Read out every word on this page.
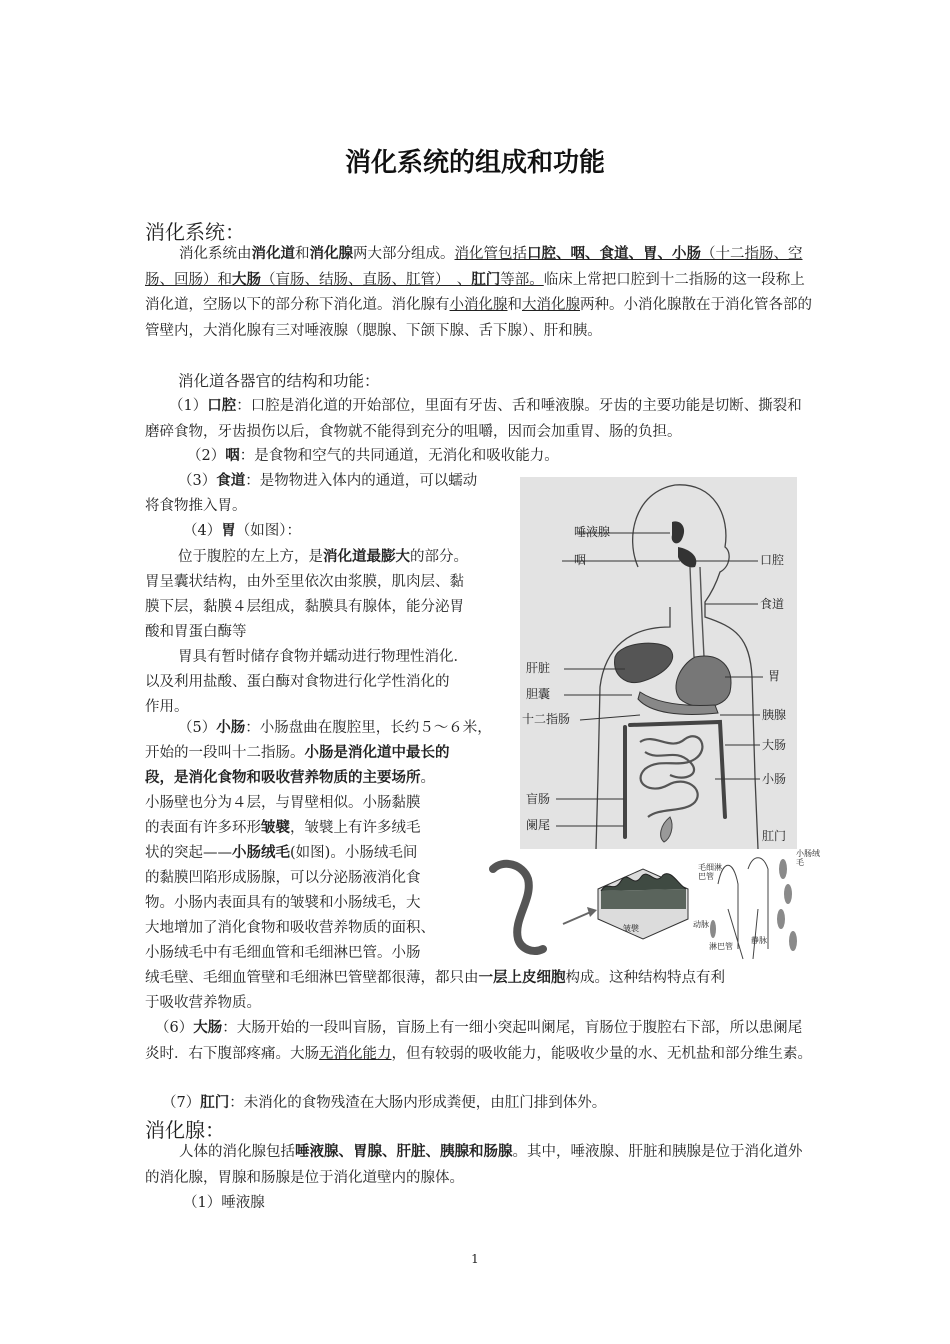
消化系统的组成和功能
消化系统：
消化系统由消化道和消化腺两大部分组成。消化管包括口腔、咽、食道、胃、小肠（十二指肠、空肠、回肠）和大肠（盲肠、结肠、直肠、肛管）　、肛门等部。临床上常把口腔到十二指肠的这一段称上消化道，空肠以下的部分称下消化道。消化腺有小消化腺和大消化腺两种。小消化腺散在于消化管各部的管壁内，大消化腺有三对唾液腺（腮腺、下颌下腺、舌下腺）、肝和胰。
消化道各器官的结构和功能：
（1）口腔：口腔是消化道的开始部位，里面有牙齿、舌和唾液腺。牙齿的主要功能是切断、撕裂和磨碎食物，牙齿损伤以后，食物就不能得到充分的咀嚼，因而会加重胃、肠的负担。
（2）咽：是食物和空气的共同通道，无消化和吸收能力。
（3）食道：是物物进入体内的通道，可以蠕动
将食物推入胃。
（4）胃（如图）：
位于腹腔的左上方，是消化道最膨大的部分。
胃呈囊状结构，由外至里依次由浆膜，肌肉层、黏
膜下层，黏膜４层组成，黏膜具有腺体，能分泌胃
酸和胃蛋白酶等
胃具有暂时储存食物并蠕动进行物理性消化．
以及利用盐酸、蛋白酶对食物进行化学性消化的
作用。
（5）小肠：小肠盘曲在腹腔里，长约５～６米，
开始的一段叫十二指肠。小肠是消化道中最长的
段，是消化食物和吸收营养物质的主要场所。
小肠壁也分为４层，与胃壁相似。小肠黏膜
的表面有许多环形皱襞，皱襞上有许多绒毛
状的突起——小肠绒毛(如图)。小肠绒毛间
的黏膜凹陷形成肠腺，可以分泌肠液消化食
物。小肠内表面具有的皱襞和小肠绒毛，大
大地增加了消化食物和吸收营养物质的面积、
小肠绒毛中有毛细血管和毛细淋巴管。小肠
绒毛壁、毛细血管壁和毛细淋巴管壁都很薄，都只由一层上皮细胞构成。这种结构特点有利
于吸收营养物质。
（6）大肠：大肠开始的一段叫盲肠，盲肠上有一细小突起叫阑尾，肓肠位于腹腔右下部，所以患阑尾炎时．右下腹部疼痛。大肠无消化能力，但有较弱的吸收能力，能吸收少量的水、无机盐和部分维生素。
（7）肛门：未消化的食物残渣在大肠内形成粪便，由肛门排到体外。
消化腺：
人体的消化腺包括唾液腺、胃腺、肝脏、胰腺和肠腺。其中，唾液腺、肝脏和胰腺是位于消化道外的消化腺，胃腺和肠腺是位于消化道壁内的腺体。
（1）唾液腺
唾液腺
咽
肝脏
胆囊
十二指肠
盲肠
阑尾
口腔
食道
胃
胰腺
大肠
小肠
肛门
毛细淋巴管
小肠绒毛
动脉
静脉
淋巴管
皱襞
1
